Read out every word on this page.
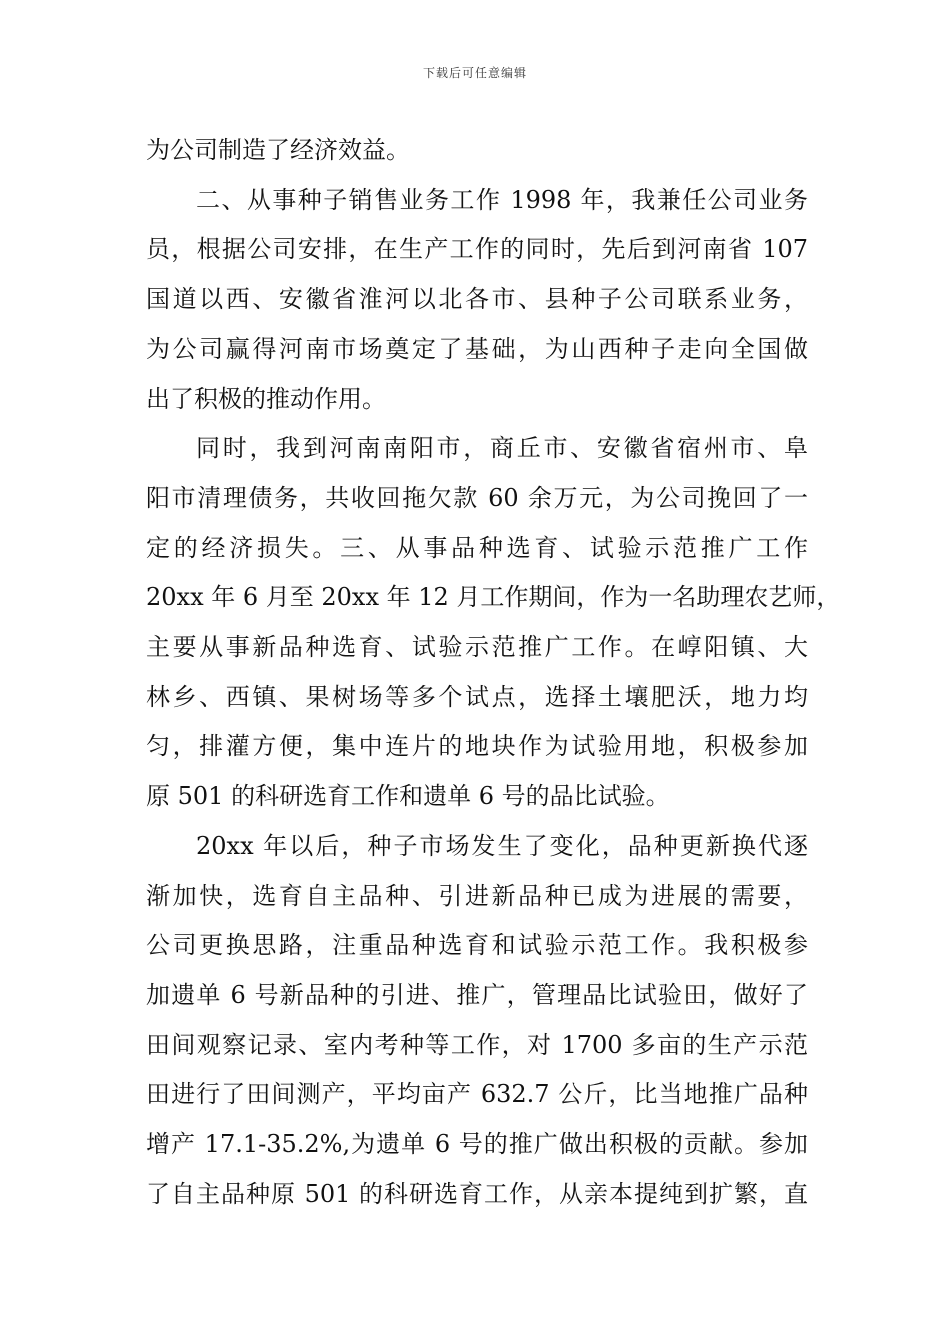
下载后可任意编辑
为公司制造了经济效益。
二、从事种子销售业务工作 1998 年，我兼任公司业务
员，根据公司安排，在生产工作的同时，先后到河南省 107
国道以西、安徽省淮河以北各市、县种子公司联系业务，
为公司赢得河南市场奠定了基础，为山西种子走向全国做
出了积极的推动作用。
同时，我到河南南阳市，商丘市、安徽省宿州市、阜
阳市清理债务，共收回拖欠款 60 余万元，为公司挽回了一
定的经济损失。三、从事品种选育、试验示范推广工作
20xx 年 6 月至 20xx 年 12 月工作期间，作为一名助理农艺师，
主要从事新品种选育、试验示范推广工作。在崞阳镇、大
林乡、西镇、果树场等多个试点，选择土壤肥沃，地力均
匀，排灌方便，集中连片的地块作为试验用地，积极参加
原 501 的科研选育工作和遗单 6 号的品比试验。
20xx 年以后，种子市场发生了变化，品种更新换代逐
渐加快，选育自主品种、引进新品种已成为进展的需要，
公司更换思路，注重品种选育和试验示范工作。我积极参
加遗单 6 号新品种的引进、推广，管理品比试验田，做好了
田间观察记录、室内考种等工作，对 1700 多亩的生产示范
田进行了田间测产，平均亩产 632.7 公斤，比当地推广品种
增产 17.1-35.2%,为遗单 6 号的推广做出积极的贡献。参加
了自主品种原 501 的科研选育工作，从亲本提纯到扩繁，直
